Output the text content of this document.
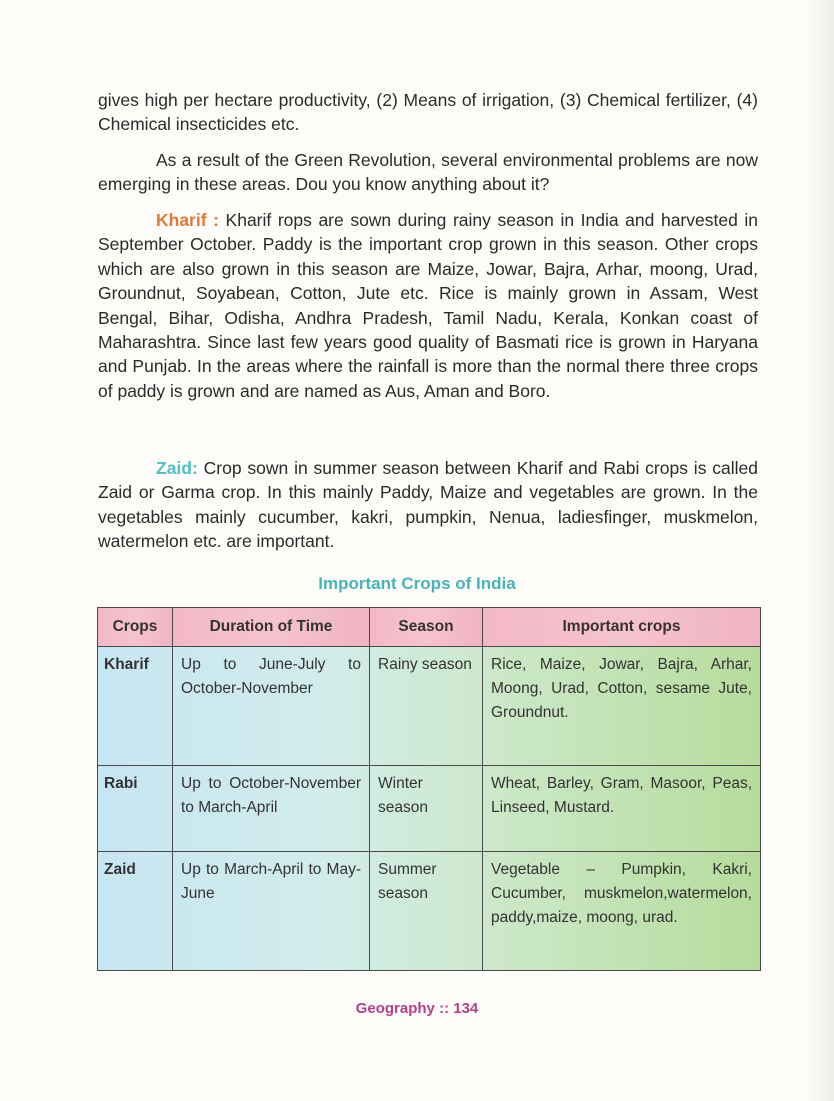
gives high per hectare productivity, (2) Means of irrigation, (3) Chemical fertilizer, (4) Chemical insecticides etc.
As a result of the Green Revolution, several environmental problems are now emerging in these areas. Dou you know anything about it?
Kharif : Kharif rops are sown during rainy season in India and harvested in September October. Paddy is the important crop grown in this season. Other crops which are also grown in this season are Maize, Jowar, Bajra, Arhar, moong, Urad, Groundnut, Soyabean, Cotton, Jute etc. Rice is mainly grown in Assam, West Bengal, Bihar, Odisha, Andhra Pradesh, Tamil Nadu, Kerala, Konkan coast of Maharashtra. Since last few years good quality of Basmati rice is grown in Haryana and Punjab. In the areas where the rainfall is more than the normal there three crops of paddy is grown and are named as Aus, Aman and Boro.
Zaid: Crop sown in summer season between Kharif and Rabi crops is called Zaid or Garma crop. In this mainly Paddy, Maize and vegetables are grown. In the vegetables mainly cucumber, kakri, pumpkin, Nenua, ladiesfinger, muskmelon, watermelon etc. are important.
Important Crops of India
Crops	Duration of Time	Season	Important crops
Kharif	Up to June-July to October-November	Rainy season	Rice, Maize, Jowar, Bajra, Arhar, Moong, Urad, Cotton, sesame Jute, Groundnut.
Rabi	Up to October-November to March-April	Winter season	Wheat, Barley, Gram, Masoor, Peas, Linseed, Mustard.
Zaid	Up to March-April to May-June	Summer season	Vegetable – Pumpkin, Kakri, Cucumber, muskmelon,watermelon, paddy,maize, moong, urad.
Geography :: 134
